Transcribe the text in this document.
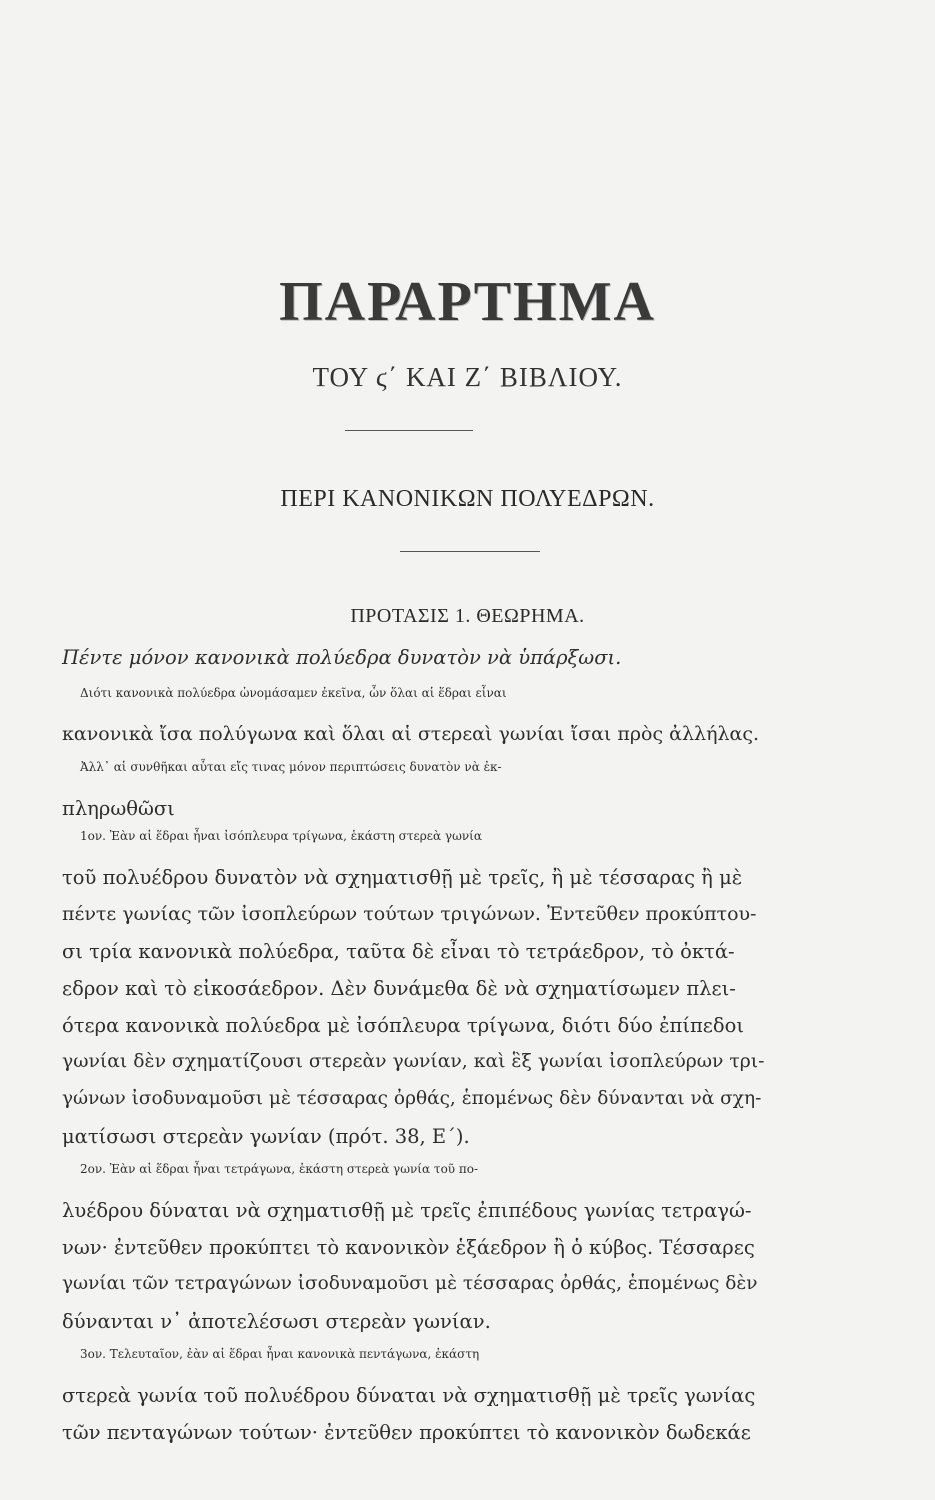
ΠΑΡΑΡΤΗΜΑ
ΤΟΥ ϛ΄ ΚΑΙ Ζ΄ ΒΙΒΛΙΟΥ.
ΠΕΡΙ ΚΑΝΟΝΙΚΩΝ ΠΟΛΥΕΔΡΩΝ.
ΠΡΟΤΑΣΙΣ 1. ΘΕΩΡΗΜΑ.
Πέντε μόνον κανονικὰ πολύεδρα δυνατὸν νὰ ὑπάρξωσι.
Διότι κανονικὰ πολύεδρα ὠνομάσαμεν ἐκεῖνα, ὧν ὅλαι αἱ ἕδραι εἶναι
κανονικὰ ἴσα πολύγωνα καὶ ὅλαι αἱ στερεαὶ γωνίαι ἴσαι πρὸς ἀλλήλας.
Ἀλλ᾽ αἱ συνθῆκαι αὗται εἴς τινας μόνον περιπτώσεις δυνατὸν νὰ ἐκ-
πληρωθῶσι
1ον. Ἐὰν αἱ ἕδραι ἦναι ἰσόπλευρα τρίγωνα, ἑκάστη στερεὰ γωνία
τοῦ πολυέδρου δυνατὸν νὰ σχηματισθῇ μὲ τρεῖς, ἢ μὲ τέσσαρας ἢ μὲ
πέντε γωνίας τῶν ἰσοπλεύρων τούτων τριγώνων. Ἐντεῦθεν προκύπτου-
σι τρία κανονικὰ πολύεδρα, ταῦτα δὲ εἶναι τὸ τετράεδρον, τὸ ὀκτά-
εδρον καὶ τὸ εἰκοσάεδρον. Δὲν δυνάμεθα δὲ νὰ σχηματίσωμεν πλει-
ότερα κανονικὰ πολύεδρα μὲ ἰσόπλευρα τρίγωνα, διότι δύο ἐπίπεδοι
γωνίαι δὲν σχηματίζουσι στερεὰν γωνίαν, καὶ ἓξ γωνίαι ἰσοπλεύρων τρι-
γώνων ἰσοδυναμοῦσι μὲ τέσσαρας ὀρθάς, ἑπομένως δὲν δύνανται νὰ σχη-
ματίσωσι στερεὰν γωνίαν (πρότ. 38, Ε΄).
2ον. Ἐὰν αἱ ἕδραι ἦναι τετράγωνα, ἑκάστη στερεὰ γωνία τοῦ πο-
λυέδρου δύναται νὰ σχηματισθῇ μὲ τρεῖς ἐπιπέδους γωνίας τετραγώ-
νων· ἐντεῦθεν προκύπτει τὸ κανονικὸν ἑξάεδρον ἢ ὁ κύβος. Τέσσαρες
γωνίαι τῶν τετραγώνων ἰσοδυναμοῦσι μὲ τέσσαρας ὀρθάς, ἑπομένως δὲν
δύνανται ν᾽ ἀποτελέσωσι στερεὰν γωνίαν.
3ον. Τελευταῖον, ἐὰν αἱ ἕδραι ἦναι κανονικὰ πεντάγωνα, ἑκάστη
στερεὰ γωνία τοῦ πολυέδρου δύναται νὰ σχηματισθῇ μὲ τρεῖς γωνίας
τῶν πενταγώνων τούτων· ἐντεῦθεν προκύπτει τὸ κανονικὸν δωδεκάε
